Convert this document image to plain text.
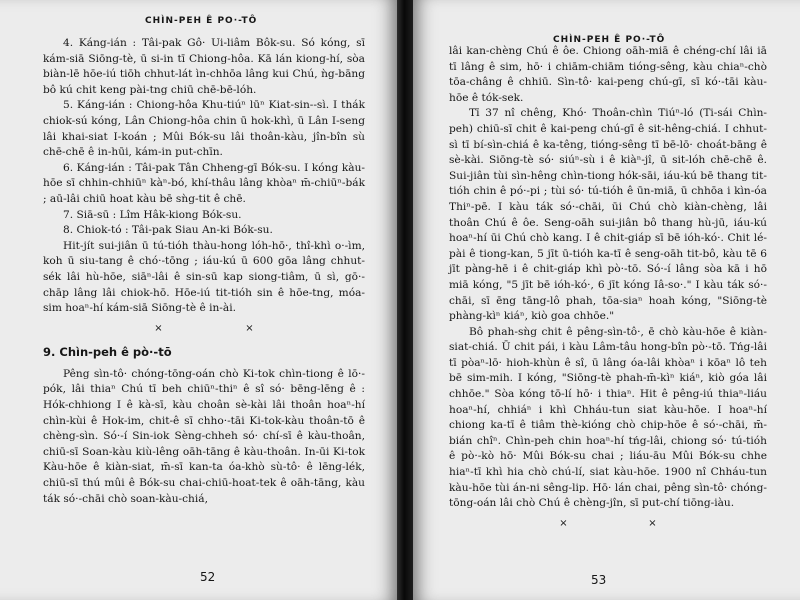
CHÌN-PEH Ê PO·-TÔ

4. Káng-ián : Tâi-pak Gô· Ui-liâm Bôk-su. Só kóng, sī kám-siā Siōng-tè, ū si-in tī Chiong-hôa. Kā lán kiong-hí, sòa biàn-lē hōe-iú tiōh chhut-lát ìn-chhōa lâng kui Chú, ǹg-bāng bô kú chit keng pài-tng chiū chē-bē-lóh.

5. Káng-ián : Chiong-hôa Khu-tiúⁿ lūⁿ Kiat-sin--sì. I thák chiok-sú kóng, Lân Chiong-hôa chin ū hok-khì, ū Lân I-seng lâi khai-siat I-koán ; Mûi Bók-su lâi thoân-kàu, jîn-bîn sù chē-chē ê in-hūi, kám-in put-chīn.

6. Káng-ián : Tâi-pak Tân Chheng-gī Bók-su. I kóng kàu-hōe sī chhin-chhiūⁿ kàⁿ-bó, khí-thâu lâng khòaⁿ m̄-chiūⁿ-bák ; aū-lâi chiū hoat kàu bē sǹg-tit ê chē.

7. Siā-sū : Lîm Hâk-kiong Bók-su.

8. Chiok-tó : Tâi-pak Siau An-ki Bók-su.

Hit-jít sui-jiân ū tú-tióh thàu-hong lóh-hō·, thî-khì o·-ìm, koh ū siu-tang ê chó·-tōng ; iáu-kú ū 600 gōa lâng chhut-sék lâi hù-hōe, siāⁿ-lâi ê sin-sū kap siong-tiâm, ū sì, gō·-chāp lâng lâi chiok-hō. Hōe-iú tit-tióh sin ê hōe-tng, móa-sim hoaⁿ-hí kám-siā Siōng-tè ê in-ài.

×	×
9. Chìn-peh ê pò·-tō

Pêng sìn-tô· chóng-tōng-oán chò Ki-tok chìn-tiong ê lō·-pók, lâi thiaⁿ Chú tī beh chiūⁿ-thiⁿ ê sî só· bēng-lēng ê : Hók-chhiong I ê kà-sī, kàu choân sè-kài lâi thoân hoaⁿ-hí chìn-kùi ê Hok-im, chit-ê sī chho·-tāi Ki-tok-kàu thoân-tō ê chèng-sìn. Só·-í Sin-iok Sèng-chheh só· chí-sī ê kàu-thoân, chiū-sī Soan-kàu kiù-lêng oāh-tāng ê kàu-thoân. In-ūi Ki-tok Kàu-hōe ê kiàn-siat, m̄-sī kan-ta óa-khò sù-tô· ê lēng-lék, chiū-sī thú mûi ê Bók-su chai-chiū-hoat-tek ê oāh-tāng, kàu ták só·-chāi chò soan-kàu-chiá,

52
CHÌN-PEH Ê PO·-TÔ

lâi kan-chèng Chú ê ôe. Chiong oāh-miā ê chéng-chí lâi iā tī lâng ê sim, hō· i chiām-chiām tióng-sêng, kàu chiaⁿ-chò tōa-châng ê chhiū. Sìn-tô· kai-peng chú-gī, sī kó·-tāi kàu-hōe ê tók-sek.

Tī 37 nî chêng, Khó· Thoân-chìn Tiúⁿ-ló (Ti-sái Chìn-peh) chiū-sī chit ê kai-peng chú-gī ê sit-hêng-chiá. I chhut-sì tī bí-sìn-chiá ê ka-têng, tióng-sêng tī bē-lō· choát-bāng ê sè-kài. Siōng-tè só· siúⁿ-sù i ê kiàⁿ-jî, ū sit-lóh chē-chē ê. Sui-jiân tùi sìn-hêng chìn-tiong hók-sāi, iáu-kú bē thang tit-tióh chin ê pó·-pi ; tùi só· tú-tióh ê ūn-miā, ū chhōa i kìn-óa Thiⁿ-pē. I kàu ták só·-chāi, ūi Chú chò kiàn-chèng, lâi thoân Chú ê ôe. Seng-oāh sui-jiân bô thang hù-jū, iáu-kú hoaⁿ-hí ūi Chú chò kang. I ê chit-giáp sī bē ióh-kó·. Chit lé-pài ê tiong-kan, 5 jīt ū-tióh ka-tī ê seng-oāh tit-bô, kàu tē 6 jīt pàng-hē i ê chit-giáp khì pò·-tō. Só·-í lâng sòa kā i hō miā kóng, "5 jīt bē ióh-kó·, 6 jīt kóng Iâ-so·." I kàu ták só·-chāi, sī ēng tāng-lô phah, tōa-siaⁿ hoah kóng, "Siōng-tè phàng-kìⁿ kiáⁿ, kiò goa chhōe."

Bô phah-sǹg chit ê pêng-sìn-tô·, ē chò kàu-hōe ê kiàn-siat-chiá. Ū chit pái, i kàu Lâm-tâu hong-bîn pò·-tō. Tńg-lâi tī pòaⁿ-lō· hioh-khùn ê sî, ū lâng óa-lâi khòaⁿ i kōaⁿ lô teh bē sim-mih. I kóng, "Siōng-tè phah-m̄-kìⁿ kiáⁿ, kiò góa lâi chhōe." Sòa kóng tō-lí hō· i thiaⁿ. Hit ê pêng-iú thiaⁿ-liáu hoaⁿ-hí, chhiáⁿ i khì Chháu-tun siat kàu-hōe. I hoaⁿ-hí chiong ka-tī ê tiâm thè-kióng chò chip-hōe ê só·-chāi, m̄-bián chîⁿ. Chìn-peh chin hoaⁿ-hí tńg-lâi, chiong só· tú-tióh ê pò·-kò hō· Mûi Bók-su chai ; liáu-āu Mûi Bók-su chhe hiaⁿ-tī khì hia chò chú-lí, siat kàu-hōe. 1900 nî Chháu-tun kàu-hōe tùi án-ni sêng-lip. Hō· lán chai, pêng sìn-tô· chóng-tōng-oán lâi chò Chú ê chèng-jîn, sī put-chí tiōng-iàu.

×	×
53
